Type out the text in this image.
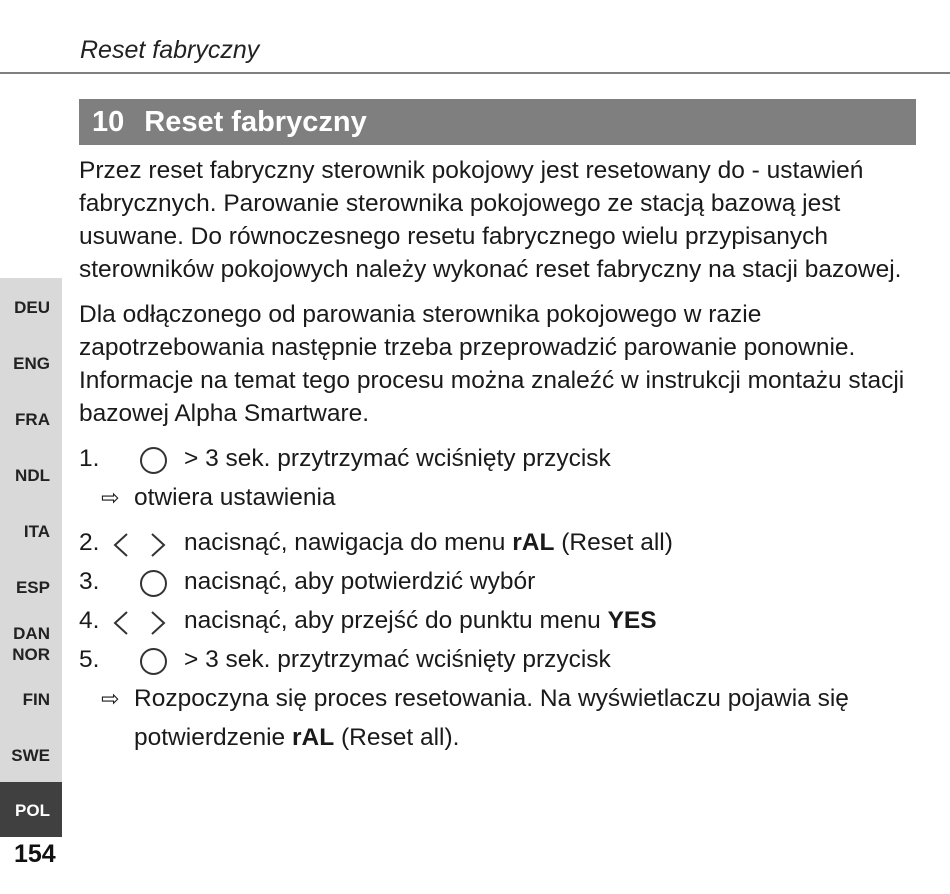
Reset fabryczny
10 Reset fabryczny

Przez reset fabryczny sterownik pokojowy jest resetowany do - ustawień fabrycznych. Parowanie sterownika pokojowego ze stacją bazową jest usuwane. Do równoczesnego resetu fabrycznego wielu przypisanych sterowników pokojowych należy wykonać reset fabryczny na stacji bazowej.

Dla odłączonego od parowania sterownika pokojowego w razie zapotrzebowania następnie trzeba przeprowadzić parowanie ponownie. Informacje na temat tego procesu można znaleźć w instrukcji montażu stacji bazowej Alpha Smartware.

1.	> 3 sek. przytrzymać wciśnięty przycisk
⇨ otwiera ustawienia
2.	nacisnąć, nawigacja do menu rAL (Reset all)
3.	nacisnąć, aby potwierdzić wybór
4.	nacisnąć, aby przejść do punktu menu YES
5.	> 3 sek. przytrzymać wciśnięty przycisk
⇨ Rozpoczyna się proces resetowania. Na wyświetlaczu pojawia się
potwierdzenie rAL (Reset all).
DEU
ENG
FRA
NDL
ITA
ESP
DAN
NOR
FIN
SWE
POL
154
